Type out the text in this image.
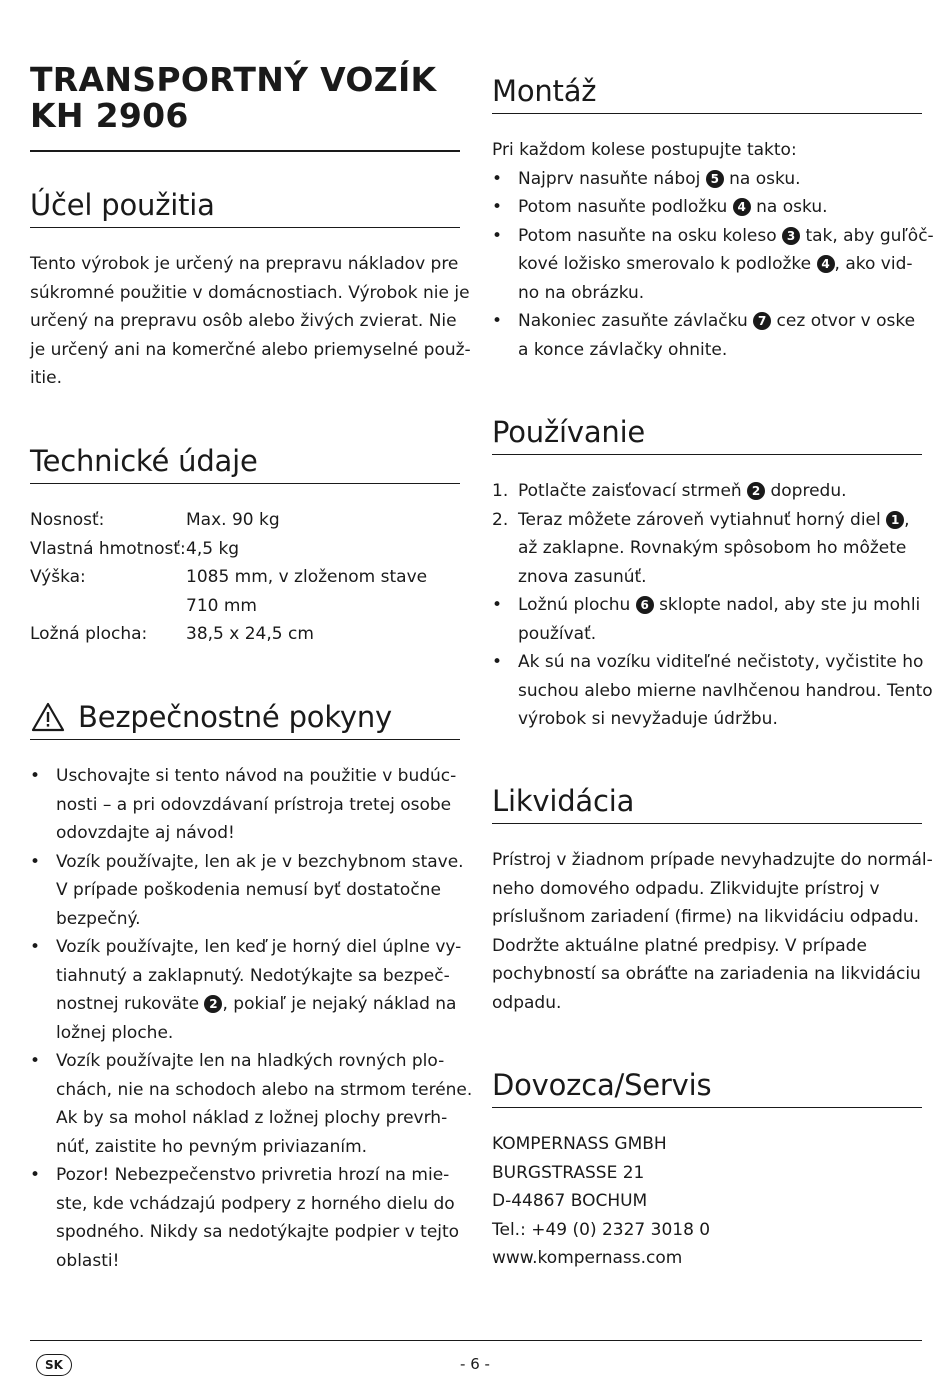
TRANSPORTNÝ VOZÍK
KH 2906
Účel použitia

Tento výrobok je určený na prepravu nákladov pre

súkromné použitie v domácnostiach. Výrobok nie je

určený na prepravu osôb alebo živých zvierat. Nie

je určený ani na komerčné alebo priemyselné použ-

itie.

Technické údaje
Nosnosť:	Max. 90 kg
Vlastná hmotnosť:	4,5 kg
Výška:	1085 mm, v zloženom stave
	710 mm
Ložná plocha:	38,5 x 24,5 cm
Bezpečnostné pokyny
• Uschovajte si tento návod na použitie v budúc-
nosti – a pri odovzdávaní prístroja tretej osobe
odovzdajte aj návod!
• Vozík používajte, len ak je v bezchybnom stave.
V prípade poškodenia nemusí byť dostatočne
bezpečný.
• Vozík používajte, len keď je horný diel úplne vy-
tiahnutý a zaklapnutý. Nedotýkajte sa bezpeč-
nostnej rukoväte 2 , pokiaľ je nejaký náklad na
ložnej ploche.
• Vozík používajte len na hladkých rovných plo-
chách, nie na schodoch alebo na strmom teréne.
Ak by sa mohol náklad z ložnej plochy prevrh-
núť, zaistite ho pevným priviazaním.
• Pozor! Nebezpečenstvo privretia hrozí na mie-
ste, kde vchádzajú podpery z horného dielu do
spodného. Nikdy sa nedotýkajte podpier v tejto
oblasti!
Montáž
Pri každom kolese postupujte takto:
• Najprv nasuňte náboj 5 na osku.
• Potom nasuňte podložku 4 na osku.
• Potom nasuňte na osku koleso 3 tak, aby guľôč-
kové ložisko smerovalo k podložke 4 , ako vid-
no na obrázku.
• Nakoniec zasuňte závlačku 7 cez otvor v oske
a konce závlačky ohnite.
Používanie
1. Potlačte zaisťovací strmeň 2 dopredu.
2. Teraz môžete zároveň vytiahnuť horný diel 1 ,
až zaklapne. Rovnakým spôsobom ho môžete
znova zasunúť.
• Ložnú plochu 6 sklopte nadol, aby ste ju mohli
používať.
• Ak sú na vozíku viditeľné nečistoty, vyčistite ho
suchou alebo mierne navlhčenou handrou. Tento
výrobok si nevyžaduje údržbu.
Likvidácia

Prístroj v žiadnom prípade nevyhadzujte do normál-

neho domového odpadu. Zlikvidujte prístroj v

príslušnom zariadení (firme) na likvidáciu odpadu.

Dodržte aktuálne platné predpisy. V prípade

pochybností sa obráťte na zariadenia na likvidáciu

odpadu.

Dovozca/Servis

KOMPERNASS GMBH

BURGSTRASSE 21

D-44867 BOCHUM

Tel.: +49 (0) 2327 3018 0

www.kompernass.com

SK	- 6 -
